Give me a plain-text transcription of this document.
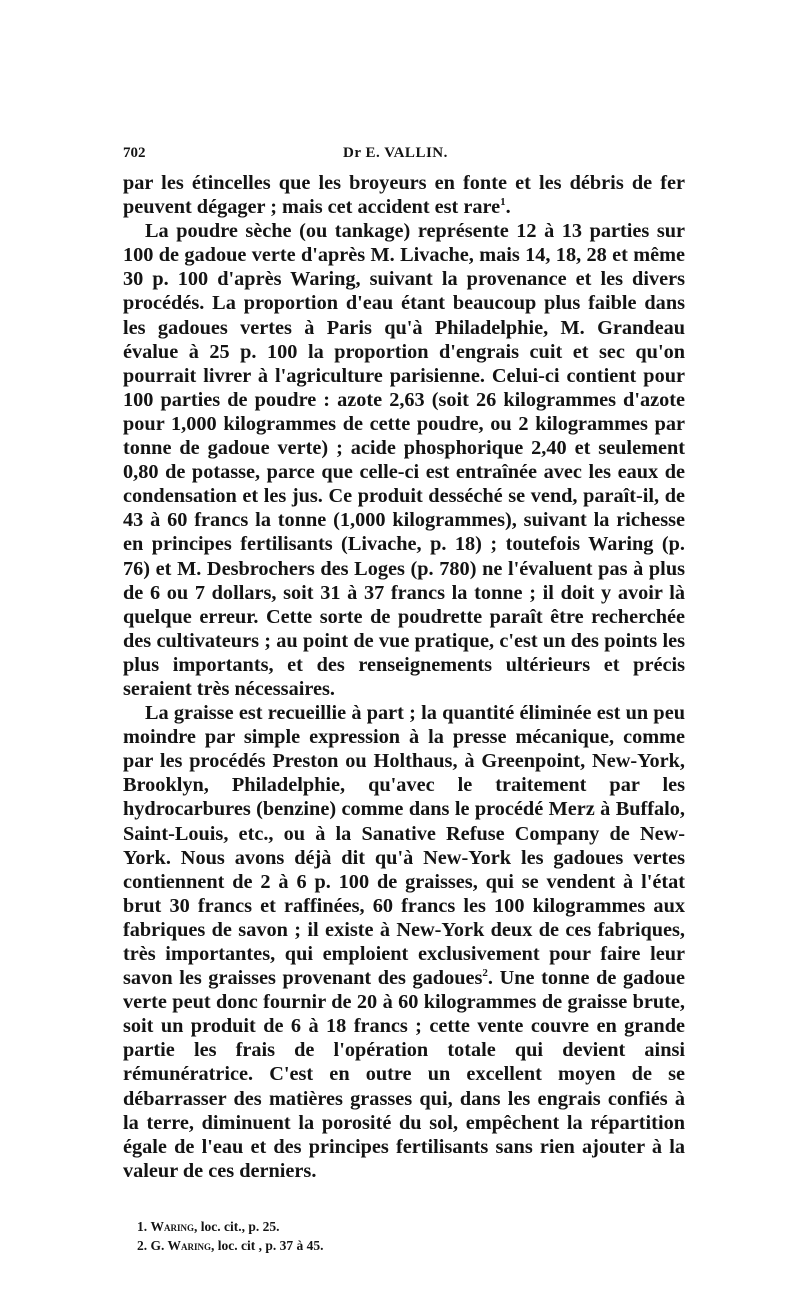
702	Dr E. VALLIN.

par les étincelles que les broyeurs en fonte et les débris de fer peuvent dégager ; mais cet accident est rare$^1$.

La poudre sèche (ou tankage) représente 12 à 13 parties sur 100 de gadoue verte d'après M. Livache, mais 14, 18, 28 et même 30 p. 100 d'après Waring, suivant la provenance et les divers procédés. La proportion d'eau étant beaucoup plus faible dans les gadoues vertes à Paris qu'à Philadelphie, M. Grandeau évalue à 25 p. 100 la proportion d'engrais cuit et sec qu'on pourrait livrer à l'agriculture parisienne. Celui-ci contient pour 100 parties de poudre : azote 2,63 (soit 26 kilogrammes d'azote pour 1,000 kilogrammes de cette poudre, ou 2 kilogrammes par tonne de gadoue verte) ; acide phosphorique 2,40 et seulement 0,80 de potasse, parce que celle-ci est entraînée avec les eaux de condensation et les jus. Ce produit desséché se vend, paraît-il, de 43 à 60 francs la tonne (1,000 kilogrammes), suivant la richesse en principes fertilisants (Livache, p. 18) ; toutefois Waring (p. 76) et M. Desbrochers des Loges (p. 780) ne l'évaluent pas à plus de 6 ou 7 dollars, soit 31 à 37 francs la tonne ; il doit y avoir là quelque erreur. Cette sorte de poudrette paraît être recherchée des cultivateurs ; au point de vue pratique, c'est un des points les plus importants, et des renseignements ultérieurs et précis seraient très nécessaires.

La graisse est recueillie à part ; la quantité éliminée est un peu moindre par simple expression à la presse mécanique, comme par les procédés Preston ou Holthaus, à Greenpoint, New-York, Brooklyn, Philadelphie, qu'avec le traitement par les hydrocarbures (benzine) comme dans le procédé Merz à Buffalo, Saint-Louis, etc., ou à la Sanative Refuse Company de New-York. Nous avons déjà dit qu'à New-York les gadoues vertes contiennent de 2 à 6 p. 100 de graisses, qui se vendent à l'état brut 30 francs et raffinées, 60 francs les 100 kilogrammes aux fabriques de savon ; il existe à New-York deux de ces fabriques, très importantes, qui emploient exclusivement pour faire leur savon les graisses provenant des gadoues$^2$. Une tonne de gadoue verte peut donc fournir de 20 à 60 kilogrammes de graisse brute, soit un produit de 6 à 18 francs ; cette vente couvre en grande partie les frais de l'opération totale qui devient ainsi rémunératrice. C'est en outre un excellent moyen de se débarrasser des matières grasses qui, dans les engrais confiés à la terre, diminuent la porosité du sol, empêchent la répartition égale de l'eau et des principes fertilisants sans rien ajouter à la valeur de ces derniers.

1. Waring, loc. cit., p. 25.
2. G. Waring, loc. cit , p. 37 à 45.
